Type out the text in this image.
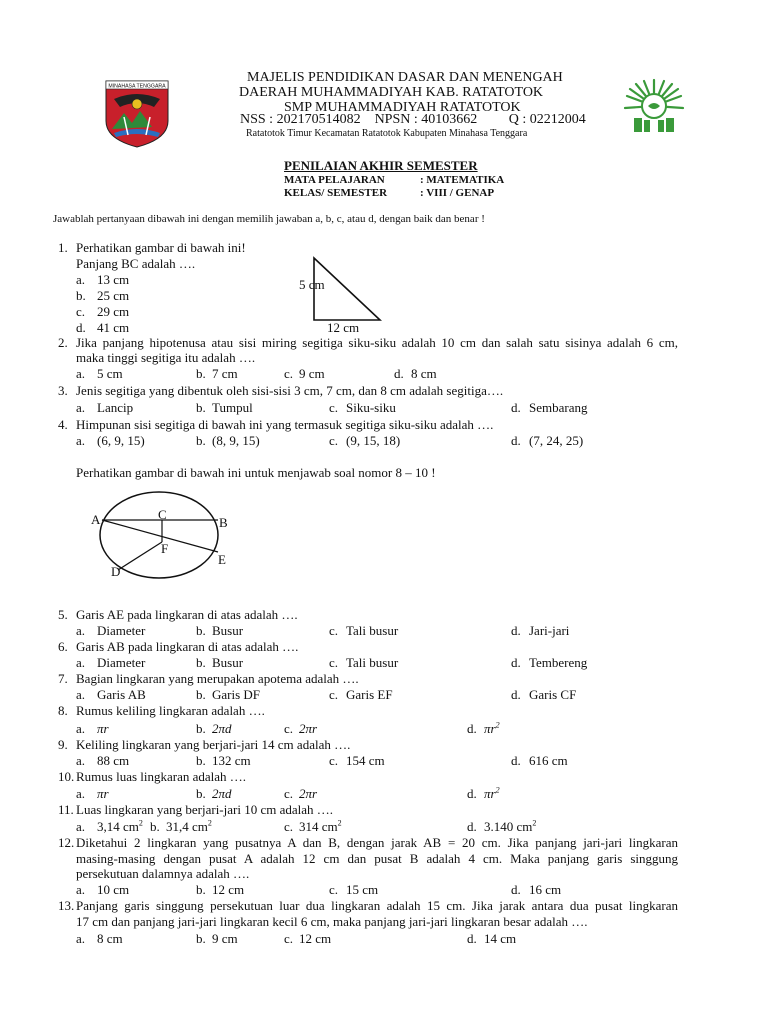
MINAHASA TENGGARA
MAJELIS PENDIDIKAN DASAR DAN MENENGAH
DAERAH MUHAMMADIYAH KAB. RATATOTOK
SMP MUHAMMADIYAH RATATOTOK
NSS : 202170514082    NPSN : 40103662         Q : 02212004
Ratatotok Timur Kecamatan Ratatotok Kabupaten Minahasa Tenggara
PENILAIAN AKHIR SEMESTER
MATA PELAJARAN	: MATEMATIKA
KELAS/ SEMESTER	: VIII / GENAP
Jawablah pertanyaan dibawah ini dengan memilih jawaban a, b, c, atau d, dengan baik dan benar !
1. Perhatikan gambar di bawah ini!
Panjang BC adalah ….
a. 13 cm
b. 25 cm
c. 29 cm
d. 41 cm
5 cm
12 cm
2. Jika panjang hipotenusa atau sisi miring segitiga siku-siku adalah 10 cm dan salah satu sisinya adalah 6 cm,
maka tinggi segitiga itu adalah ….
a. 5 cm	b. 7 cm	c. 9 cm	d. 8 cm
3. Jenis segitiga yang dibentuk oleh sisi-sisi 3 cm, 7 cm, dan 8 cm adalah segitiga….
a. Lancip	b. Tumpul	c. Siku-siku	d. Sembarang
4. Himpunan sisi segitiga di bawah ini yang termasuk segitiga siku-siku adalah ….
a. (6, 9, 15)	b. (8, 9, 15)	c. (9, 15, 18)	d. (7, 24, 25)
Perhatikan gambar di bawah ini untuk menjawab soal nomor 8 – 10 !
A	C
B
F
E
D
5. Garis AE pada lingkaran di atas adalah ….
a. Diameter	b. Busur	c. Tali busur	d. Jari-jari
6. Garis AB pada lingkaran di atas adalah ….
a. Diameter	b. Busur	c. Tali busur	d. Tembereng
7. Bagian lingkaran yang merupakan apotema adalah ….
a. Garis AB	b. Garis DF	c. Garis EF	d. Garis CF
8. Rumus keliling lingkaran adalah ….
a. πr	b. 2πd	c. 2πr	d. $\pi r^2$
9. Keliling lingkaran yang berjari-jari 14 cm adalah ….
a. 88 cm	b. 132 cm	c. 154 cm	d. 616 cm
10. Rumus luas lingkaran adalah ….
a. πr	b. 2πd	c. 2πr	d. $\pi r^2$
11. Luas lingkaran yang berjari-jari 10 cm adalah ….
a. 3,14 $cm^2$ b. 31,4 $cm^2$	c. 314 $cm^2$	d. 3.140 $cm^2$
12. Diketahui 2 lingkaran yang pusatnya A dan B, dengan jarak AB = 20 cm. Jika panjang jari-jari lingkaran
masing-masing dengan pusat A adalah 12 cm dan pusat B adalah 4 cm. Maka panjang garis singgung
persekutuan dalamnya adalah ….
a. 10 cm	b. 12 cm	c. 15 cm	d. 16 cm
13. Panjang garis singgung persekutuan luar dua lingkaran adalah 15 cm. Jika jarak antara dua pusat lingkaran
17 cm dan panjang jari-jari lingkaran kecil 6 cm, maka panjang jari-jari lingkaran besar adalah ….
a. 8 cm	b. 9 cm	c. 12 cm	d. 14 cm
